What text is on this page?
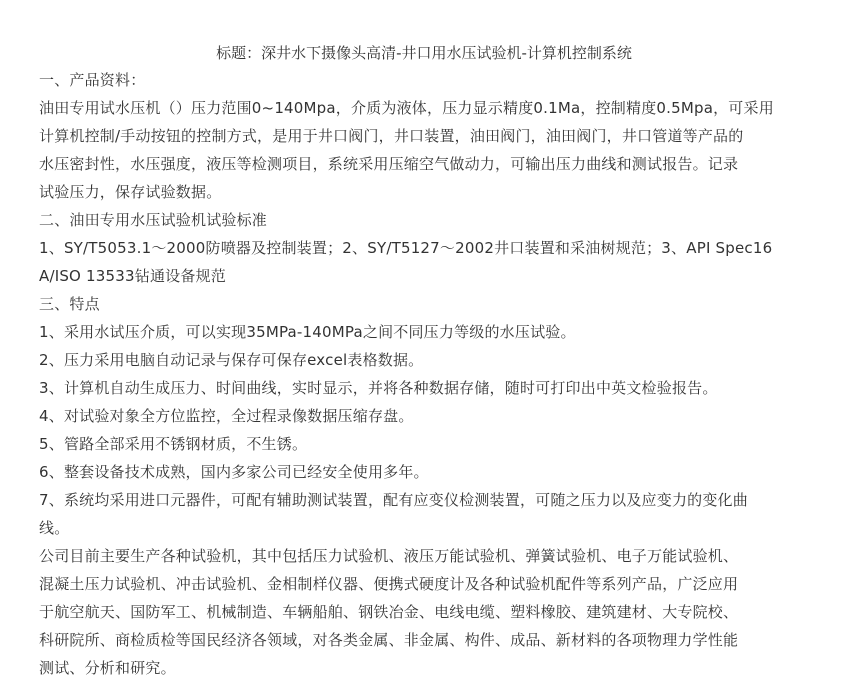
标题：深井水下摄像头高清-井口用水压试验机-计算机控制系统
一、产品资料：
油田专用试水压机（）压力范围0~140Mpa，介质为液体，压力显示精度0.1Ma，控制精度0.5Mpa，可采用
计算机控制/手动按钮的控制方式，是用于井口阀门，井口装置，油田阀门，油田阀门，井口管道等产品的
水压密封性，水压强度，液压等检测项目，系统采用压缩空气做动力，可输出压力曲线和测试报告。记录
试验压力，保存试验数据。
二、油田专用水压试验机试验标准
1、SY/T5053.1～2000防喷器及控制装置；2、SY/T5127～2002井口装置和采油树规范；3、API Spec16
A/ISO 13533钻通设备规范
三、特点
1、采用水试压介质，可以实现35MPa-140MPa之间不同压力等级的水压试验。
2、压力采用电脑自动记录与保存可保存excel表格数据。
3、计算机自动生成压力、时间曲线，实时显示，并将各种数据存储，随时可打印出中英文检验报告。
4、对试验对象全方位监控，全过程录像数据压缩存盘。
5、管路全部采用不锈钢材质，不生锈。
6、整套设备技术成熟，国内多家公司已经安全使用多年。
7、系统均采用进口元器件，可配有辅助测试装置，配有应变仪检测装置，可随之压力以及应变力的变化曲
线。
公司目前主要生产各种试验机，其中包括压力试验机、液压万能试验机、弹簧试验机、电子万能试验机、
混凝土压力试验机、冲击试验机、金相制样仪器、便携式硬度计及各种试验机配件等系列产品，广泛应用
于航空航天、国防军工、机械制造、车辆船舶、钢铁冶金、电线电缆、塑料橡胶、建筑建材、大专院校、
科研院所、商检质检等国民经济各领域，对各类金属、非金属、构件、成品、新材料的各项物理力学性能
测试、分析和研究。
